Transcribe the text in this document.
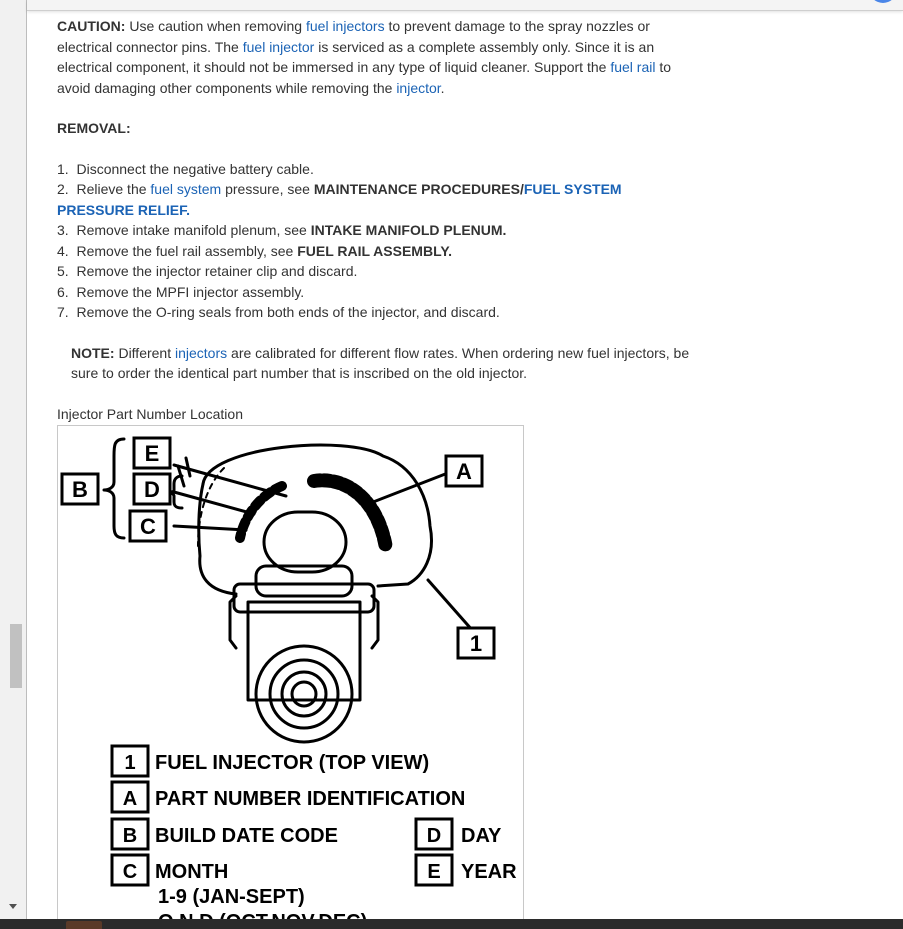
CAUTION: Use caution when removing fuel injectors to prevent damage to the spray nozzles or electrical connector pins. The fuel injector is serviced as a complete assembly only. Since it is an electrical component, it should not be immersed in any type of liquid cleaner. Support the fuel rail to avoid damaging other components while removing the injector.

REMOVAL:

1. Disconnect the negative battery cable.
2. Relieve the fuel system pressure, see MAINTENANCE PROCEDURES/FUEL SYSTEM PRESSURE RELIEF.
3. Remove intake manifold plenum, see INTAKE MANIFOLD PLENUM.
4. Remove the fuel rail assembly, see FUEL RAIL ASSEMBLY.
5. Remove the injector retainer clip and discard.
6. Remove the MPFI injector assembly.
7. Remove the O-ring seals from both ends of the injector, and discard.

NOTE: Different injectors are calibrated for different flow rates. When ordering new fuel injectors, be sure to order the identical part number that is inscribed on the old injector.

Injector Part Number Location

E
D
C
B
A
1
1 FUEL INJECTOR (TOP VIEW)
A PART NUMBER IDENTIFICATION
B BUILD DATE CODE	D DAY
C MONTH	E YEAR
1-9 (JAN-SEPT)
